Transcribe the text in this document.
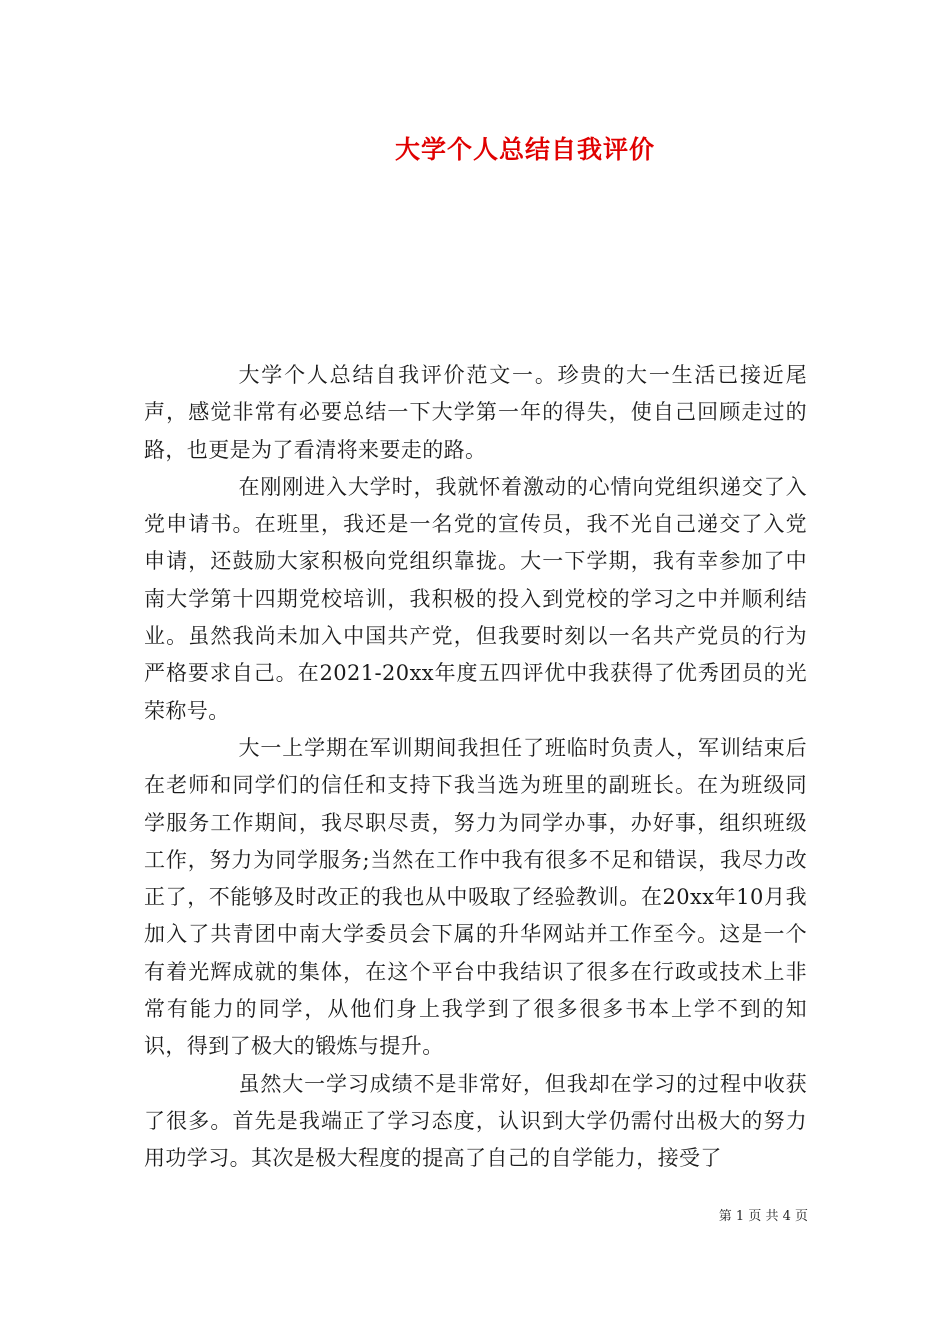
大学个人总结自我评价

大学个人总结自我评价范文一。珍贵的大一生活已接近尾声，感觉非常有必要总结一下大学第一年的得失，使自己回顾走过的路，也更是为了看清将来要走的路。

在刚刚进入大学时，我就怀着激动的心情向党组织递交了入党申请书。在班里，我还是一名党的宣传员，我不光自己递交了入党申请，还鼓励大家积极向党组织靠拢。大一下学期，我有幸参加了中南大学第十四期党校培训，我积极的投入到党校的学习之中并顺利结业。虽然我尚未加入中国共产党，但我要时刻以一名共产党员的行为严格要求自己。在2021-20xx年度五四评优中我获得了优秀团员的光荣称号。

大一上学期在军训期间我担任了班临时负责人，军训结束后在老师和同学们的信任和支持下我当选为班里的副班长。在为班级同学服务工作期间，我尽职尽责，努力为同学办事，办好事，组织班级工作，努力为同学服务;当然在工作中我有很多不足和错误，我尽力改正了，不能够及时改正的我也从中吸取了经验教训。在20xx年10月我加入了共青团中南大学委员会下属的升华网站并工作至今。这是一个有着光辉成就的集体，在这个平台中我结识了很多在行政或技术上非常有能力的同学，从他们身上我学到了很多很多书本上学不到的知识，得到了极大的锻炼与提升。

虽然大一学习成绩不是非常好，但我却在学习的过程中收获了很多。首先是我端正了学习态度，认识到大学仍需付出极大的努力用功学习。其次是极大程度的提高了自己的自学能力，接受了

第 1 页 共 4 页
